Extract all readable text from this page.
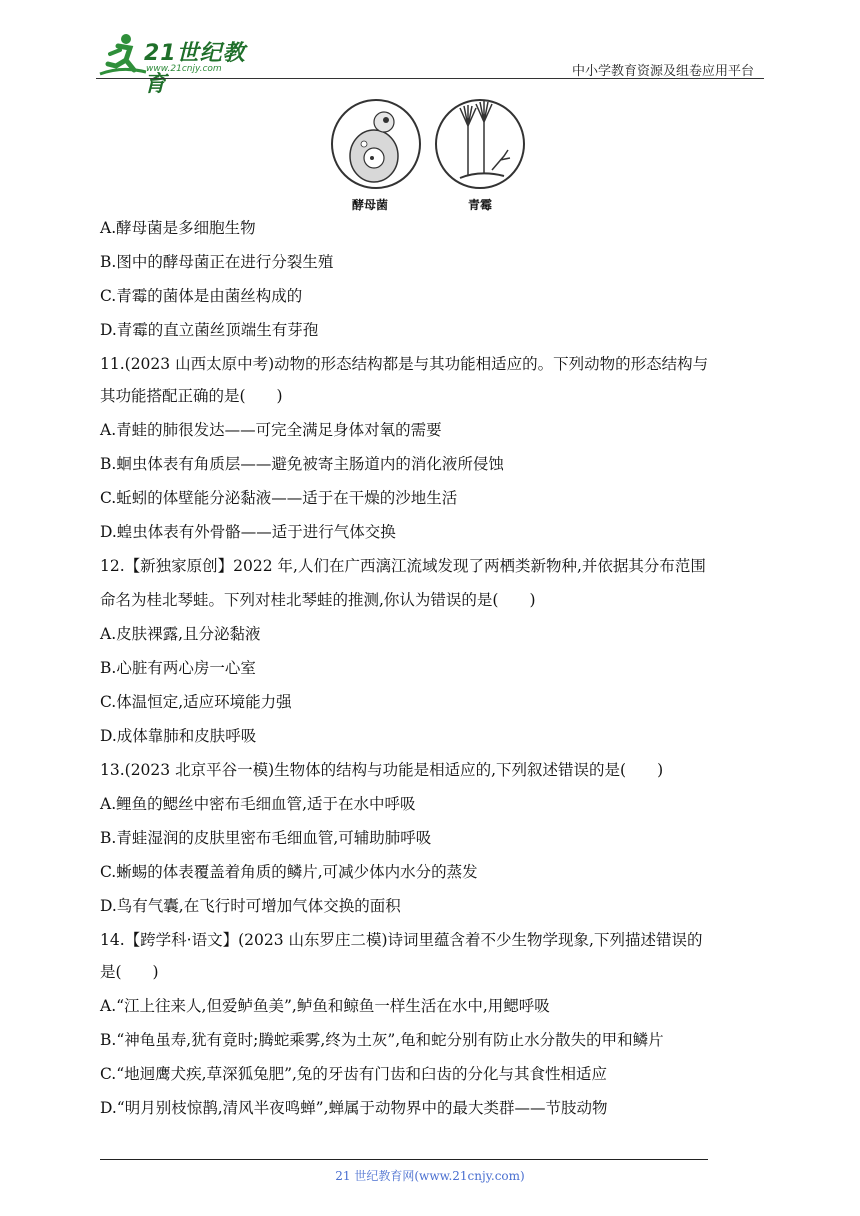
21世纪教育
www.21cnjy.com	中小学教育资源及组卷应用平台
酵母菌	青霉
A.酵母菌是多细胞生物
B.图中的酵母菌正在进行分裂生殖
C.青霉的菌体是由菌丝构成的
D.青霉的直立菌丝顶端生有芽孢
11.(2023 山西太原中考)动物的形态结构都是与其功能相适应的。下列动物的形态结构与
其功能搭配正确的是(　　)
A.青蛙的肺很发达——可完全满足身体对氧的需要
B.蛔虫体表有角质层——避免被寄主肠道内的消化液所侵蚀
C.蚯蚓的体壁能分泌黏液——适于在干燥的沙地生活
D.蝗虫体表有外骨骼——适于进行气体交换
12.【新独家原创】2022 年,人们在广西漓江流域发现了两栖类新物种,并依据其分布范围
命名为桂北琴蛙。下列对桂北琴蛙的推测,你认为错误的是(　　)
A.皮肤裸露,且分泌黏液
B.心脏有两心房一心室
C.体温恒定,适应环境能力强
D.成体靠肺和皮肤呼吸
13.(2023 北京平谷一模)生物体的结构与功能是相适应的,下列叙述错误的是(　　)
A.鲤鱼的鳃丝中密布毛细血管,适于在水中呼吸
B.青蛙湿润的皮肤里密布毛细血管,可辅助肺呼吸
C.蜥蜴的体表覆盖着角质的鳞片,可减少体内水分的蒸发
D.鸟有气囊,在飞行时可增加气体交换的面积
14.【跨学科·语文】(2023 山东罗庄二模)诗词里蕴含着不少生物学现象,下列描述错误的
是(　　)
A.“江上往来人,但爱鲈鱼美”,鲈鱼和鲸鱼一样生活在水中,用鳃呼吸
B.“神龟虽寿,犹有竟时;腾蛇乘雾,终为土灰”,龟和蛇分别有防止水分散失的甲和鳞片
C.“地迥鹰犬疾,草深狐兔肥”,兔的牙齿有门齿和臼齿的分化与其食性相适应
D.“明月别枝惊鹊,清风半夜鸣蝉”,蝉属于动物界中的最大类群——节肢动物
21 世纪教育网(www.21cnjy.com)
